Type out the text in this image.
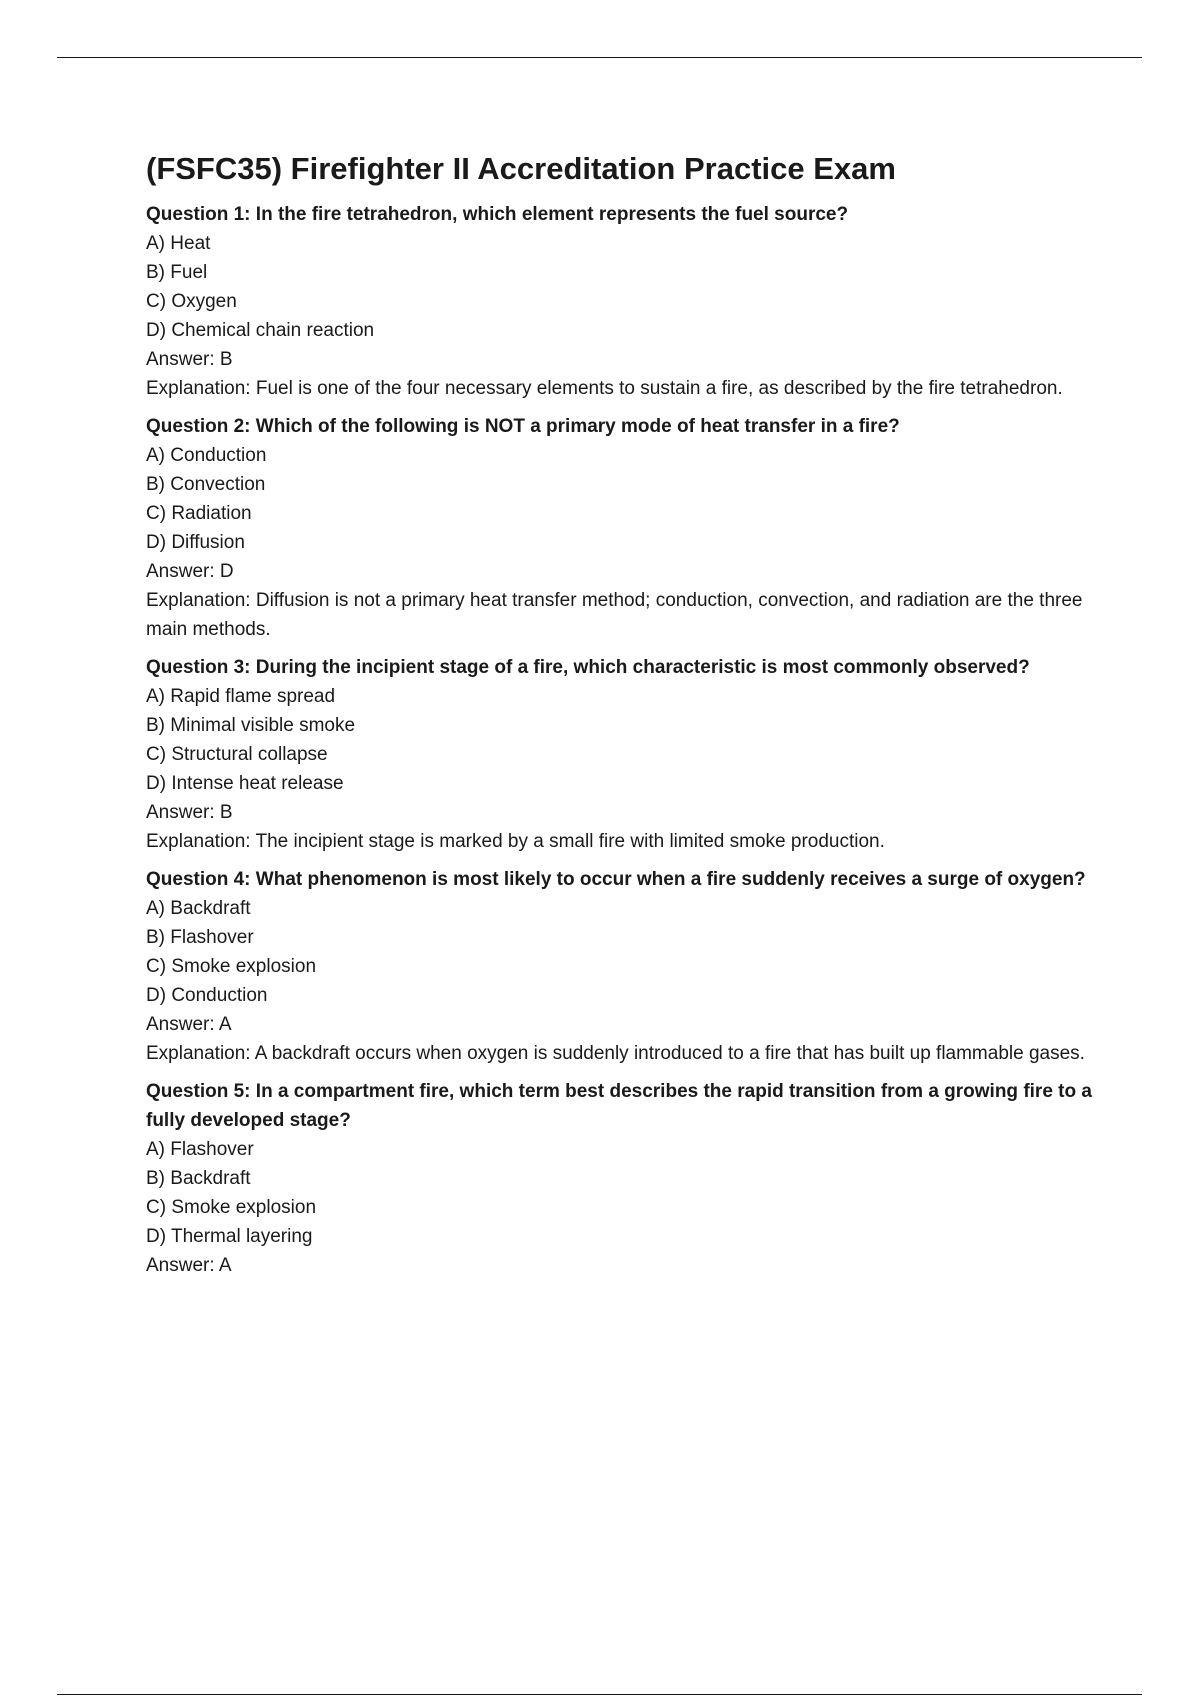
(FSFC35) Firefighter II Accreditation Practice Exam
Question 1: In the fire tetrahedron, which element represents the fuel source?
A) Heat
B) Fuel
C) Oxygen
D) Chemical chain reaction
Answer: B
Explanation: Fuel is one of the four necessary elements to sustain a fire, as described by the fire tetrahedron.
Question 2: Which of the following is NOT a primary mode of heat transfer in a fire?
A) Conduction
B) Convection
C) Radiation
D) Diffusion
Answer: D
Explanation: Diffusion is not a primary heat transfer method; conduction, convection, and radiation are the three main methods.
Question 3: During the incipient stage of a fire, which characteristic is most commonly observed?
A) Rapid flame spread
B) Minimal visible smoke
C) Structural collapse
D) Intense heat release
Answer: B
Explanation: The incipient stage is marked by a small fire with limited smoke production.
Question 4: What phenomenon is most likely to occur when a fire suddenly receives a surge of oxygen?
A) Backdraft
B) Flashover
C) Smoke explosion
D) Conduction
Answer: A
Explanation: A backdraft occurs when oxygen is suddenly introduced to a fire that has built up flammable gases.
Question 5: In a compartment fire, which term best describes the rapid transition from a growing fire to a fully developed stage?
A) Flashover
B) Backdraft
C) Smoke explosion
D) Thermal layering
Answer: A
